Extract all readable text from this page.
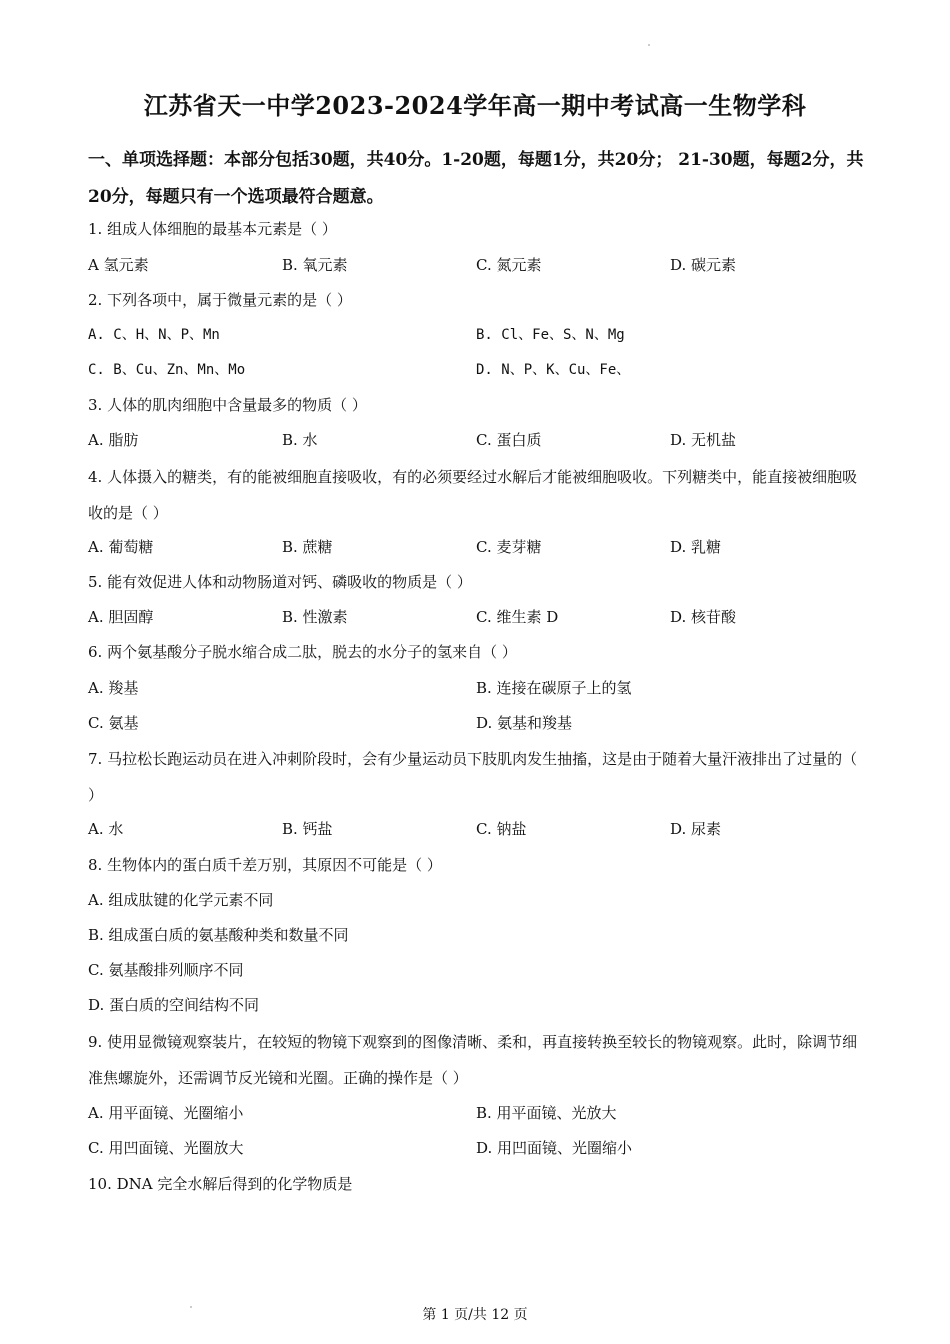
江苏省天一中学2023-2024学年高一期中考试高一生物学科
一、单项选择题：本部分包括30题，共40分。1-20题，每题1分，共20分； 21-30题，每题2分，共20分，每题只有一个选项最符合题意。
1. 组成人体细胞的最基本元素是（ ）
A 氢元素	B. 氧元素	C. 氮元素	D. 碳元素
2. 下列各项中，属于微量元素的是（ ）
A. C、H、N、P、Mn	B. Cl、Fe、S、N、Mg
C. B、Cu、Zn、Mn、Mo	D. N、P、K、Cu、Fe、
3. 人体的肌肉细胞中含量最多的物质（ ）
A. 脂肪	B. 水	C. 蛋白质	D. 无机盐
4. 人体摄入的糖类，有的能被细胞直接吸收，有的必须要经过水解后才能被细胞吸收。下列糖类中，能直接被细胞吸收的是（ ）
A. 葡萄糖	B. 蔗糖	C. 麦芽糖	D. 乳糖
5. 能有效促进人体和动物肠道对钙、磷吸收的物质是（ ）
A. 胆固醇	B. 性激素	C. 维生素 D	D. 核苷酸
6. 两个氨基酸分子脱水缩合成二肽，脱去的水分子的氢来自（ ）
A. 羧基	B. 连接在碳原子上的氢
C. 氨基	D. 氨基和羧基
7. 马拉松长跑运动员在进入冲刺阶段时，会有少量运动员下肢肌肉发生抽搐，这是由于随着大量汗液排出了过量的（ ）
A. 水	B. 钙盐	C. 钠盐	D. 尿素
8. 生物体内的蛋白质千差万别，其原因不可能是（ ）
A. 组成肽键的化学元素不同
B. 组成蛋白质的氨基酸种类和数量不同
C. 氨基酸排列顺序不同
D. 蛋白质的空间结构不同
9. 使用显微镜观察装片，在较短的物镜下观察到的图像清晰、柔和，再直接转换至较长的物镜观察。此时，除调节细准焦螺旋外，还需调节反光镜和光圈。正确的操作是（ ）
A. 用平面镜、光圈缩小	B. 用平面镜、光放大
C. 用凹面镜、光圈放大	D. 用凹面镜、光圈缩小
10. DNA 完全水解后得到的化学物质是
第 1 页/共 12 页
